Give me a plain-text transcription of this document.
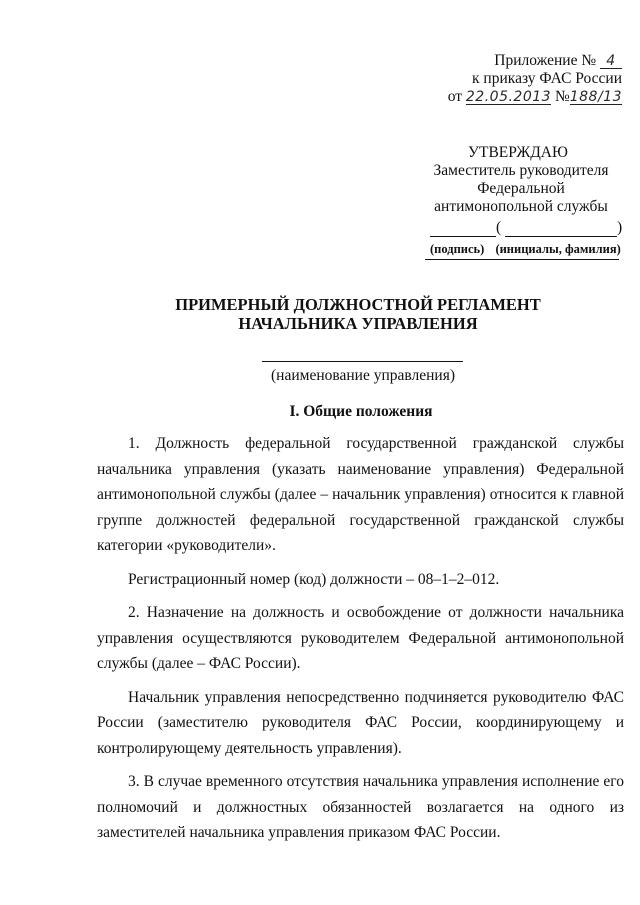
Приложение № 4
к приказу ФАС России
от 22.05.2013 №188/13
УТВЕРЖДАЮ
Заместитель руководителя
Федеральной
антимонопольной службы
(	)
(подпись) (инициалы, фамилия)
ПРИМЕРНЫЙ ДОЛЖНОСТНОЙ РЕГЛАМЕНТ
НАЧАЛЬНИКА УПРАВЛЕНИЯ
(наименование управления)
I. Общие положения

1. Должность федеральной государственной гражданской службы начальника управления (указать наименование управления) Федеральной антимонопольной службы (далее – начальник управления) относится к главной группе должностей федеральной государственной гражданской службы категории «руководители».

Регистрационный номер (код) должности – 08–1–2–012.

2. Назначение на должность и освобождение от должности начальника управления осуществляются руководителем Федеральной антимонопольной службы (далее – ФАС России).

Начальник управления непосредственно подчиняется руководителю ФАС России (заместителю руководителя ФАС России, координирующему и контролирующему деятельность управления).

3. В случае временного отсутствия начальника управления исполнение его полномочий и должностных обязанностей возлагается на одного из заместителей начальника управления приказом ФАС России.
